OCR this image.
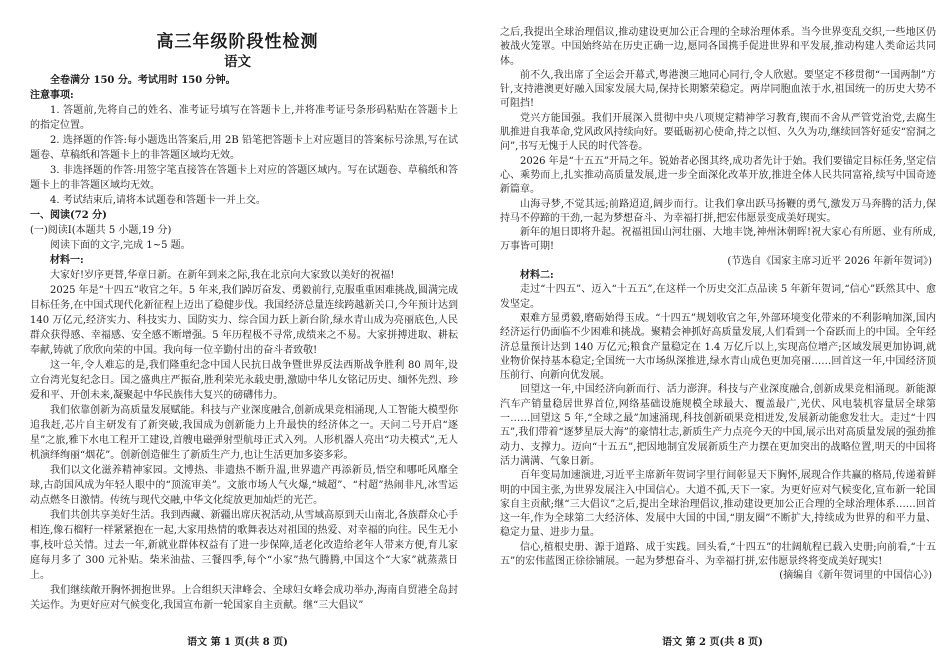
高三年级阶段性检测
语文

全卷满分 150 分。考试用时 150 分钟。

注意事项:

1. 答题前,先将自己的姓名、准考证号填写在答题卡上,并将准考证号条形码粘贴在答题卡上的指定位置。

2. 选择题的作答:每小题选出答案后,用 2B 铅笔把答题卡上对应题目的答案标号涂黑,写在试题卷、草稿纸和答题卡上的非答题区域均无效。

3. 非选择题的作答:用签字笔直接答在答题卡上对应的答题区域内。写在试题卷、草稿纸和答题卡上的非答题区域均无效。

4. 考试结束后,请将本试题卷和答题卡一并上交。

一、阅读(72 分)

(一)阅读Ⅰ(本题共 5 小题,19 分)

阅读下面的文字,完成 1~5 题。

材料一:

大家好!岁序更替,华章日新。在新年到来之际,我在北京向大家致以美好的祝福!

2025 年是“十四五”收官之年。5 年来,我们踔厉奋发、勇毅前行,克服重重困难挑战,圆满完成目标任务,在中国式现代化新征程上迈出了稳健步伐。我国经济总量连续跨越新关口,今年预计达到 140 万亿元,经济实力、科技实力、国防实力、综合国力跃上新台阶,绿水青山成为亮丽底色,人民群众获得感、幸福感、安全感不断增强。5 年历程极不寻常,成绩来之不易。大家拼搏进取、耕耘奉献,铸就了欣欣向荣的中国。我向每一位辛勤付出的奋斗者致敬!

这一年,令人难忘的是,我们隆重纪念中国人民抗日战争暨世界反法西斯战争胜利 80 周年,设立台湾光复纪念日。国之盛典庄严振奋,胜利荣光永载史册,激励中华儿女铭记历史、缅怀先烈、珍爱和平、开创未来,凝聚起中华民族伟大复兴的磅礴伟力。

我们依靠创新为高质量发展赋能。科技与产业深度融合,创新成果竞相涌现,人工智能大模型你追我赶,芯片自主研发有了新突破,我国成为创新能力上升最快的经济体之一。天问二号开启“逐星”之旅,雅下水电工程开工建设,首艘电磁弹射型航母正式入列。人形机器人亮出“功夫模式”,无人机演绎绚丽“烟花”。创新创造催生了新质生产力,也让生活更加多姿多彩。

我们以文化滋养精神家园。文博热、非遗热不断升温,世界遗产再添新员,悟空和哪吒风靡全球,古韵国风成为年轻人眼中的“顶流审美”。文旅市场人气火爆,“城超”、“村超”热闹非凡,冰雪运动点燃冬日激情。传统与现代交融,中华文化绽放更加灿烂的光芒。

我们共创共享美好生活。我到西藏、新疆出席庆祝活动,从雪域高原到天山南北,各族群众心手相连,像石榴籽一样紧紧抱在一起,大家用热情的歌舞表达对祖国的热爱、对幸福的向往。民生无小事,枝叶总关情。过去一年,新就业群体权益有了进一步保障,适老化改造给老年人带来方便,育儿家庭每月多了 300 元补贴。柴米油盐、三餐四季,每个“小家”热气腾腾,中国这个“大家”就蒸蒸日上。

我们继续敞开胸怀拥抱世界。上合组织天津峰会、全球妇女峰会成功举办,海南自贸港全岛封关运作。为更好应对气候变化,我国宣布新一轮国家自主贡献。继“三大倡议”

语文 第 1 页(共 8 页)

之后,我提出全球治理倡议,推动建设更加公正合理的全球治理体系。当今世界变乱交织,一些地区仍被战火笼罩。中国始终站在历史正确一边,愿同各国携手促进世界和平发展,推动构建人类命运共同体。

前不久,我出席了全运会开幕式,粤港澳三地同心同行,令人欣慰。要坚定不移贯彻“一国两制”方针,支持港澳更好融入国家发展大局,保持长期繁荣稳定。两岸同胞血浓于水,祖国统一的历史大势不可阻挡!

党兴方能国强。我们开展深入贯彻中央八项规定精神学习教育,锲而不舍从严管党治党,去腐生肌推进自我革命,党风政风持续向好。要砥砺初心使命,持之以恒、久久为功,继续回答好延安“窑洞之问”,书写无愧于人民的时代答卷。

2026 年是“十五五”开局之年。锐始者必图其终,成功者先计于始。我们要锚定目标任务,坚定信心、乘势而上,扎实推动高质量发展,进一步全面深化改革开放,推进全体人民共同富裕,续写中国奇迹新篇章。

山海寻梦,不觉其远;前路迢迢,阔步而行。让我们拿出跃马扬鞭的勇气,激发万马奔腾的活力,保持马不停蹄的干劲,一起为梦想奋斗、为幸福打拼,把宏伟愿景变成美好现实。

新年的旭日即将升起。祝福祖国山河壮丽、大地丰饶,神州沐朝晖!祝大家心有所愿、业有所成,万事皆可期!

(节选自《国家主席习近平 2026 年新年贺词》)

材料二:

走过“十四五”、迈入“十五五”,在这样一个历史交汇点品读 5 年新年贺词,“信心”跃然其中、愈发坚定。

艰难方显勇毅,磨砺始得玉成。“十四五”规划收官之年,外部环境变化带来的不利影响加深,国内经济运行仍面临不少困难和挑战。聚精会神抓好高质量发展,人们看到一个奋跃而上的中国。全年经济总量预计达到 140 万亿元;粮食产量稳定在 1.4 万亿斤以上,实现高位增产;区域发展更加协调,就业物价保持基本稳定;全国统一大市场纵深推进,绿水青山成色更加亮丽……回首这一年,中国经济顶压前行、向新向优发展。

回望这一年,中国经济向新而行、活力澎湃。科技与产业深度融合,创新成果竞相涌现。新能源汽车产销量稳居世界首位,网络基础设施规模全球最大、覆盖最广,光伏、风电装机容量居全球第一……回望这 5 年,“全球之最”加速涌现,科技创新硕果竞相迸发,发展新动能愈发壮大。走过“十四五”,我们带着“逐梦星辰大海”的豪情壮志,新质生产力点亮今天的中国,展示出对高质量发展的强劲推动力、支撑力。迈向“十五五”,把因地制宜发展新质生产力摆在更加突出的战略位置,明天的中国将活力满满、气象日新。

百年变局加速演进,习近平主席新年贺词字里行间彰显天下胸怀,展现合作共赢的格局,传递着鲜明的中国主张,为世界发展注入中国信心。大道不孤,天下一家。为更好应对气候变化,宣布新一轮国家自主贡献;继“三大倡议”之后,提出全球治理倡议,推动建设更加公正合理的全球治理体系……回首这一年,作为全球第二大经济体、发展中大国的中国,“朋友圈”不断扩大,持续成为世界的和平力量、稳定力量、进步力量。

信心,植根史册、源于道路、成于实践。回头看,“十四五”的壮阔航程已载入史册;向前看,“十五五”的宏伟蓝图正徐徐铺展。一起为梦想奋斗、为幸福打拼,宏伟愿景终将变成美好现实!

(摘编自《新年贺词里的中国信心》)

语文 第 2 页(共 8 页)
